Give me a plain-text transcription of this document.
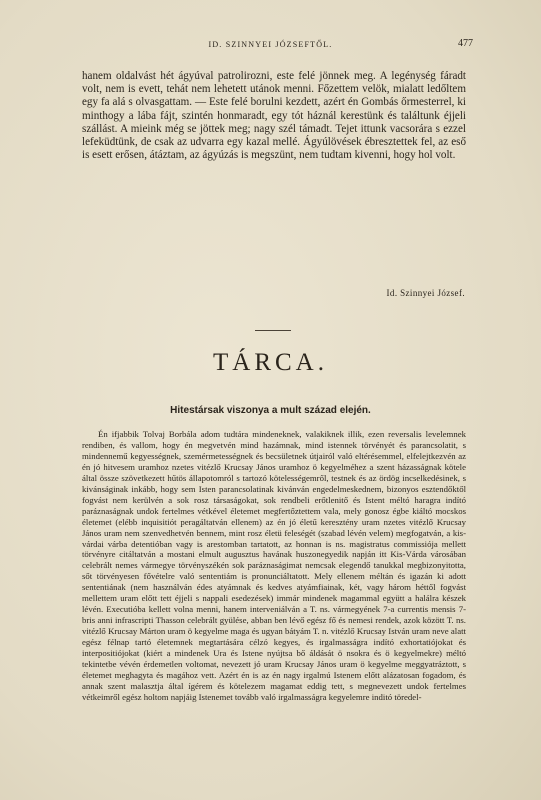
ID. SZINNYEI JÓZSEFTŐL.	477

hanem oldalvást hét ágyúval patrolirozni, este felé jönnek meg. A legénység fáradt volt, nem is evett, tehát nem lehetett utánok menni. Főzettem velök, mialatt ledőltem egy fa alá s olvasgattam. — Este felé borulni kezdett, azért én Gombás őrmesterrel, ki minthogy a lába fájt, szintén honmaradt, egy tót háznál kerestünk és találtunk éjjeli szállást. A mieink még se jöttek meg; nagy szél támadt. Tejet ittunk vacsorára s ezzel lefeküdtünk, de csak az udvarra egy kazal mellé. Ágyúlövések ébresztettek fel, az eső is esett erősen, átáztam, az ágyúzás is megszünt, nem tudtam kivenni, hogy hol volt.

Id. Szinnyei József.
TÁRCA.
Hitestársak viszonya a mult század elején.

Én ifjabbik Tolvaj Borbála adom tudtára mindeneknek, valakiknek illik, ezen reversalis levelemnek rendiben, és vallom, hogy én megvetvén mind hazámnak, mind istennek törvényét és parancsolatit, s mindennemű kegyességnek, szemérmetességnek és becsületnek útjairól való eltérésemmel, elfelejtkezvén az én jó hitvesem uramhoz nzetes vitézlő Krucsay János uramhoz ö kegyelméhez a szent házasságnak kötele által össze szövetkezett hűtös állapotomról s tartozó kötelességemről, testnek és az ördög incselkedésinek, s kivánságinak inkább, hogy sem Isten parancsolatinak kivánván engedelmeskednem, bizonyos esztendőktől fogvást nem kerülvén a sok rosz társaságokat, sok rendbeli erőtlenitő és Istent méltó haragra indító paráznaságnak undok fertelmes vétkével életemet megfertőztettem vala, mely gonosz égbe kiáltó mocskos életemet (elébb inquisitiót peragáltatván ellenem) az én jó életű keresztény uram nzetes vitézlő Krucsay János uram nem szenvedhetvén bennem, mint rosz életü feleségét (szabad lévén velem) megfogatván, a kis-várdai várba detentióban vagy is arestomban tartatott, az honnan is ns. magistratus commissiója mellett törvényre citáltatván a mostani elmult augusztus havának huszonegyedik napján itt Kis-Várda városában celebrált nemes vármegye törvényszékén sok paráznaságimat nemcsak elegendő tanukkal megbizonyitotta, sőt törvényesen fővételre való sententiám is pronunciáltatott. Mely ellenem méltán és igazán ki adott sententiának (nem használván édes atyámnak és kedves atyámfiainak, két, vagy három héttől fogvást mellettem uram előtt tett éjjeli s nappali esedezések) immár mindenek magammal együtt a halálra készek lévén. Executióba kellett volna menni, hanem interveniálván a T. ns. vármegyének 7-a currentis mensis 7-bris anni infrascripti Thasson celebrált gyülése, abban ben lévő egész fő és nemesi rendek, azok között T. ns. vitézlő Krucsay Márton uram ö kegyelme maga és ugyan bátyám T. n. vitézlő Krucsay István uram neve alatt egész félnap tartó életemnek megtartására célzó kegyes, és irgalmasságra indító exhortatiójokat és interpositiójokat (kiért a mindenek Ura és Istene nyújtsa bő áldását ö nsokra és ö kegyelmekre) méltó tekintetbe vévén érdemetlen voltomat, nevezett jó uram Krucsay János uram ö kegyelme meggyatráztott, s életemet meghagyta és magához vett. Azért én is az én nagy irgalmú Istenem előtt alázatosan fogadom, és annak szent malasztja által ígérem és kötelezem magamat eddig tett, s megnevezett undok fertelmes vétkeimről egész holtom napjáig Istenemet tovább való irgalmasságra kegyelemre inditó töredel-
